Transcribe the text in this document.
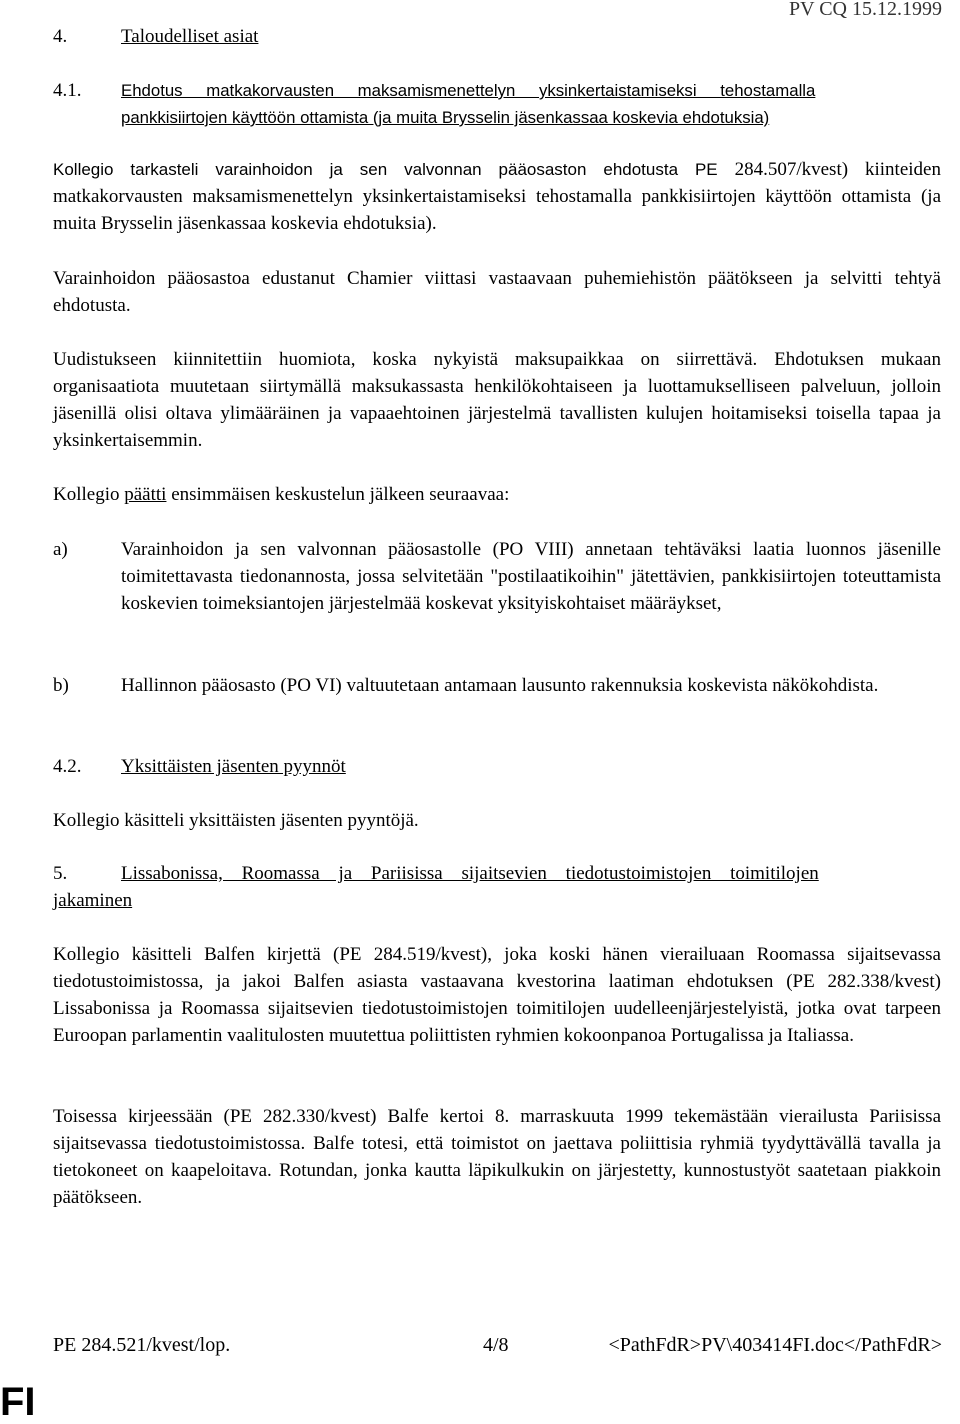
4.	Taloudelliset asiat
PV CQ 15.12.1999
4.1. Ehdotus matkakorvausten maksamismenettelyn yksinkertaistamiseksi tehostamalla
pankkisiirtojen käyttöön ottamista (ja muita Brysselin jäsenkassaa koskevia ehdotuksia)

Kollegio tarkasteli varainhoidon ja sen valvonnan pääosaston ehdotusta PE 284.507/kvest) kiinteiden matkakorvausten maksamismenettelyn yksinkertaistamiseksi tehostamalla pankkisiirtojen käyttöön ottamista (ja muita Brysselin jäsenkassaa koskevia ehdotuksia).

Varainhoidon pääosastoa edustanut Chamier viittasi vastaavaan puhemiehistön päätökseen ja selvitti tehtyä ehdotusta.

Uudistukseen kiinnitettiin huomiota, koska nykyistä maksupaikkaa on siirrettävä. Ehdotuksen mukaan organisaatiota muutetaan siirtymällä maksukassasta henkilökohtaiseen ja luottamukselliseen palveluun, jolloin jäsenillä olisi oltava ylimääräinen ja vapaaehtoinen järjestelmä tavallisten kulujen hoitamiseksi toisella tapaa ja yksinkertaisemmin.

Kollegio päätti ensimmäisen keskustelun jälkeen seuraavaa:

a)	Varainhoidon ja sen valvonnan pääosastolle (PO VIII) annetaan tehtäväksi laatia luonnos jäsenille toimitettavasta tiedonannosta, jossa selvitetään "postilaatikoihin" jätettävien, pankkisiirtojen toteuttamista koskevien toimeksiantojen järjestelmää koskevat yksityiskohtaiset määräykset,

b)	Hallinnon pääosasto (PO VI) valtuutetaan antamaan lausunto rakennuksia koskevista näkökohdista.

4.2. Yksittäisten jäsenten pyynnöt

Kollegio käsitteli yksittäisten jäsenten pyyntöjä.

5.	Lissabonissa, Roomassa ja Pariisissa sijaitsevien tiedotustoimistojen toimitilojen
jakaminen

Kollegio käsitteli Balfen kirjettä (PE 284.519/kvest), joka koski hänen vierailuaan Roomassa sijaitsevassa tiedotustoimistossa, ja jakoi Balfen asiasta vastaavana kvestorina laatiman ehdotuksen (PE 282.338/kvest) Lissabonissa ja Roomassa sijaitsevien tiedotustoimistojen toimitilojen uudelleenjärjestelyistä, jotka ovat tarpeen Euroopan parlamentin vaalitulosten muutettua poliittisten ryhmien kokoonpanoa Portugalissa ja Italiassa.

Toisessa kirjeessään (PE 282.330/kvest) Balfe kertoi 8. marraskuuta 1999 tekemästään vierailusta Pariisissa sijaitsevassa tiedotustoimistossa. Balfe totesi, että toimistot on jaettava poliittisia ryhmiä tyydyttävällä tavalla ja tietokoneet on kaapeloitava. Rotundan, jonka kautta läpikulkukin on järjestetty, kunnostustyöt saatetaan piakkoin päätökseen.

PE 284.521/kvest/lop.	4/8	<PathFdR>PV\403414FI.doc</PathFdR>
FI
